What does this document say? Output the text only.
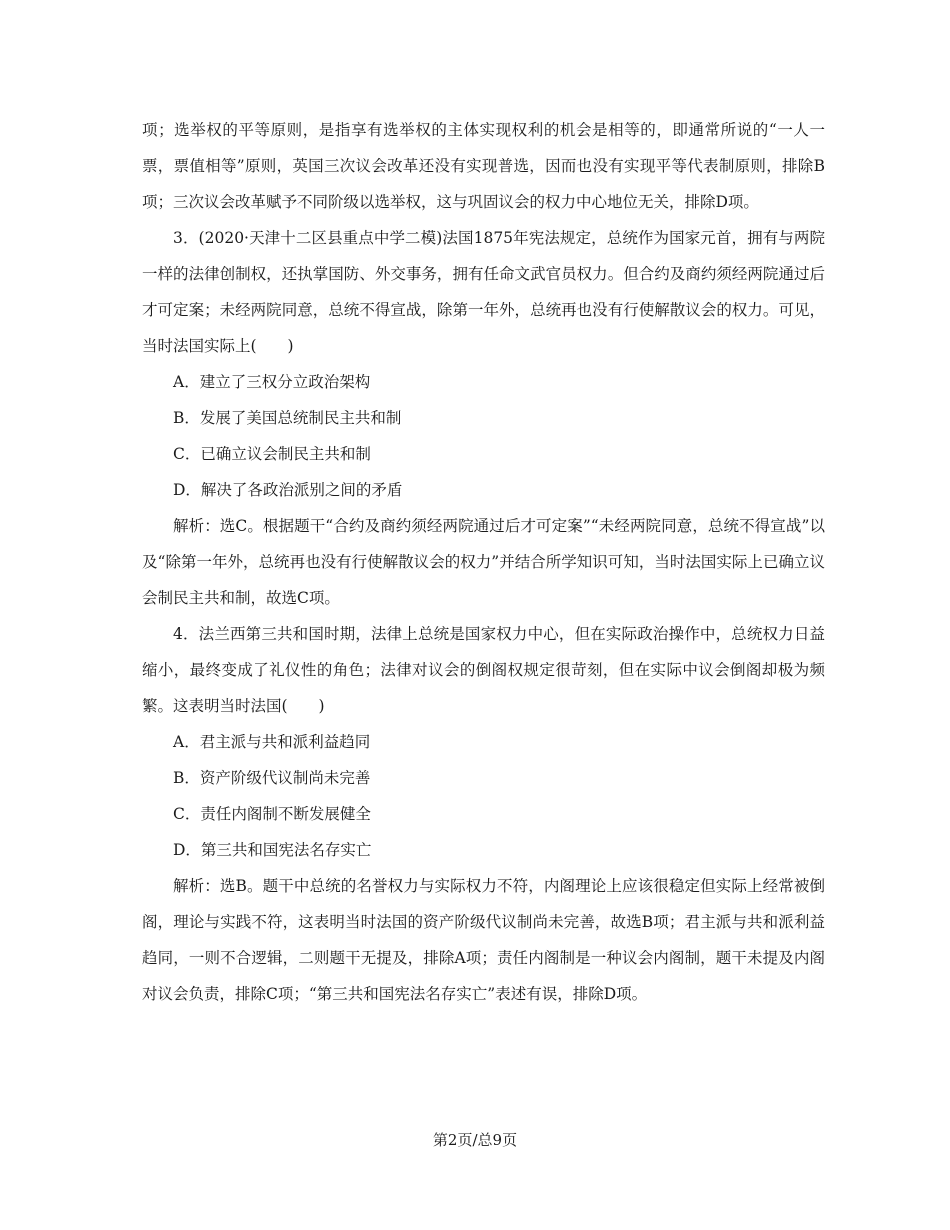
项；选举权的平等原则，是指享有选举权的主体实现权利的机会是相等的，即通常所说的“一人一票，票值相等”原则，英国三次议会改革还没有实现普选，因而也没有实现平等代表制原则，排除B项；三次议会改革赋予不同阶级以选举权，这与巩固议会的权力中心地位无关，排除D项。

3．(2020·天津十二区县重点中学二模)法国1875年宪法规定，总统作为国家元首，拥有与两院一样的法律创制权，还执掌国防、外交事务，拥有任命文武官员权力。但合约及商约须经两院通过后才可定案；未经两院同意，总统不得宣战，除第一年外，总统再也没有行使解散议会的权力。可见，当时法国实际上(　　)

A．建立了三权分立政治架构

B．发展了美国总统制民主共和制

C．已确立议会制民主共和制

D．解决了各政治派别之间的矛盾

解析：选C。根据题干“合约及商约须经两院通过后才可定案”“未经两院同意，总统不得宣战”以及“除第一年外，总统再也没有行使解散议会的权力”并结合所学知识可知，当时法国实际上已确立议会制民主共和制，故选C项。

4．法兰西第三共和国时期，法律上总统是国家权力中心，但在实际政治操作中，总统权力日益缩小，最终变成了礼仪性的角色；法律对议会的倒阁权规定很苛刻，但在实际中议会倒阁却极为频繁。这表明当时法国(　　)

A．君主派与共和派利益趋同

B．资产阶级代议制尚未完善

C．责任内阁制不断发展健全

D．第三共和国宪法名存实亡

解析：选B。题干中总统的名誉权力与实际权力不符，内阁理论上应该很稳定但实际上经常被倒阁，理论与实践不符，这表明当时法国的资产阶级代议制尚未完善，故选B项；君主派与共和派利益趋同，一则不合逻辑，二则题干无提及，排除A项；责任内阁制是一种议会内阁制，题干未提及内阁对议会负责，排除C项；“第三共和国宪法名存实亡”表述有误，排除D项。

第2页/总9页
